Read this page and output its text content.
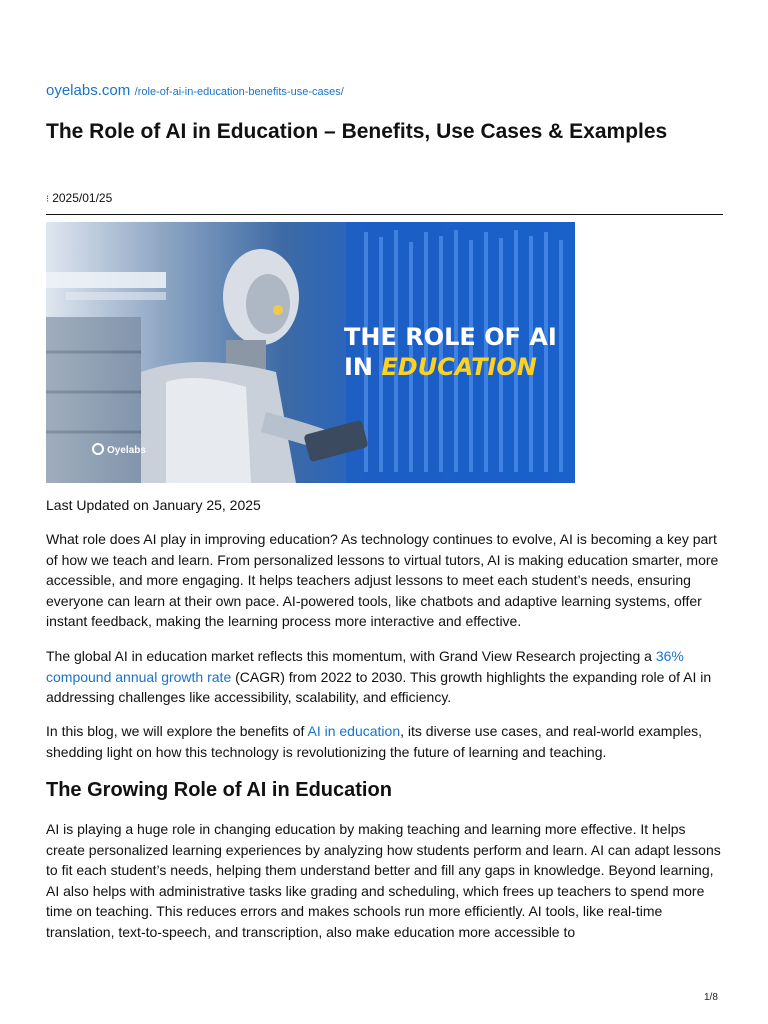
oyelabs.com /role-of-ai-in-education-benefits-use-cases/
The Role of AI in Education – Benefits, Use Cases & Examples
⁝ 2025/01/25
THE ROLE OF AI
IN EDUCATION
Oyelabs

Last Updated on January 25, 2025

What role does AI play in improving education? As technology continues to evolve, AI is becoming a key part of how we teach and learn. From personalized lessons to virtual tutors, AI is making education smarter, more accessible, and more engaging. It helps teachers adjust lessons to meet each student’s needs, ensuring everyone can learn at their own pace. AI-powered tools, like chatbots and adaptive learning systems, offer instant feedback, making the learning process more interactive and effective.

The global AI in education market reflects this momentum, with Grand View Research projecting a 36% compound annual growth rate (CAGR) from 2022 to 2030. This growth highlights the expanding role of AI in addressing challenges like accessibility, scalability, and efficiency.

In this blog, we will explore the benefits of AI in education, its diverse use cases, and real-world examples, shedding light on how this technology is revolutionizing the future of learning and teaching.

The Growing Role of AI in Education

AI is playing a huge role in changing education by making teaching and learning more effective. It helps create personalized learning experiences by analyzing how students perform and learn. AI can adapt lessons to fit each student’s needs, helping them understand better and fill any gaps in knowledge. Beyond learning, AI also helps with administrative tasks like grading and scheduling, which frees up teachers to spend more time on teaching. This reduces errors and makes schools run more efficiently. AI tools, like real-time translation, text-to-speech, and transcription, also make education more accessible to

1/8
